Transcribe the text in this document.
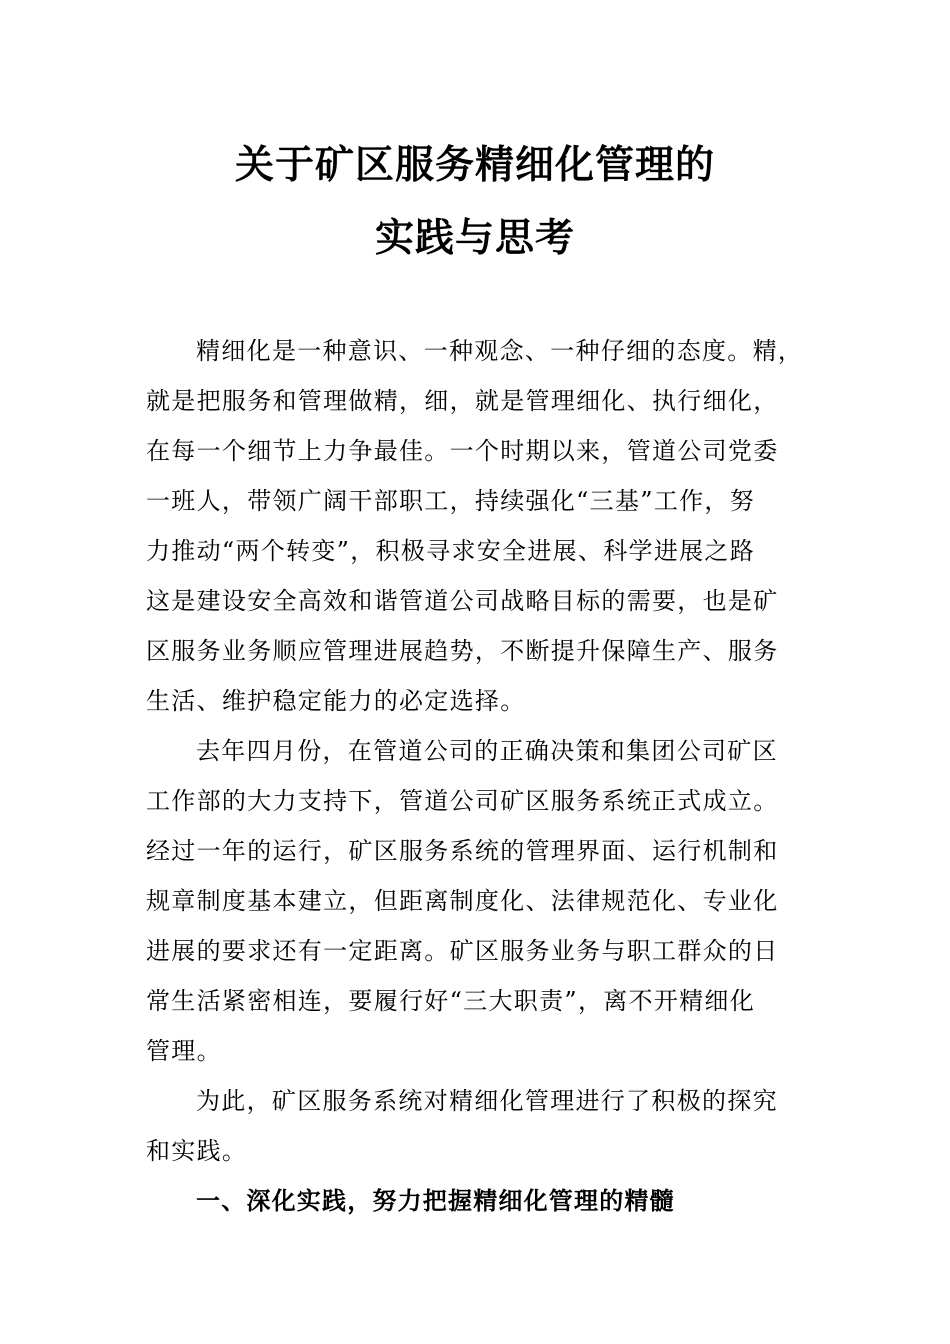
关于矿区服务精细化管理的
实践与思考
精细化是一种意识、一种观念、一种仔细的态度。精，
就是把服务和管理做精，细，就是管理细化、执行细化，
在每一个细节上力争最佳。一个时期以来，管道公司党委
一班人，带领广阔干部职工，持续强化“三基”工作，努
力推动“两个转变”，积极寻求安全进展、科学进展之路
这是建设安全高效和谐管道公司战略目标的需要，也是矿
区服务业务顺应管理进展趋势，不断提升保障生产、服务
生活、维护稳定能力的必定选择。
去年四月份，在管道公司的正确决策和集团公司矿区
工作部的大力支持下，管道公司矿区服务系统正式成立。
经过一年的运行，矿区服务系统的管理界面、运行机制和
规章制度基本建立，但距离制度化、法律规范化、专业化
进展的要求还有一定距离。矿区服务业务与职工群众的日
常生活紧密相连，要履行好“三大职责”，离不开精细化
管理。
为此，矿区服务系统对精细化管理进行了积极的探究
和实践。
一、深化实践，努力把握精细化管理的精髓
